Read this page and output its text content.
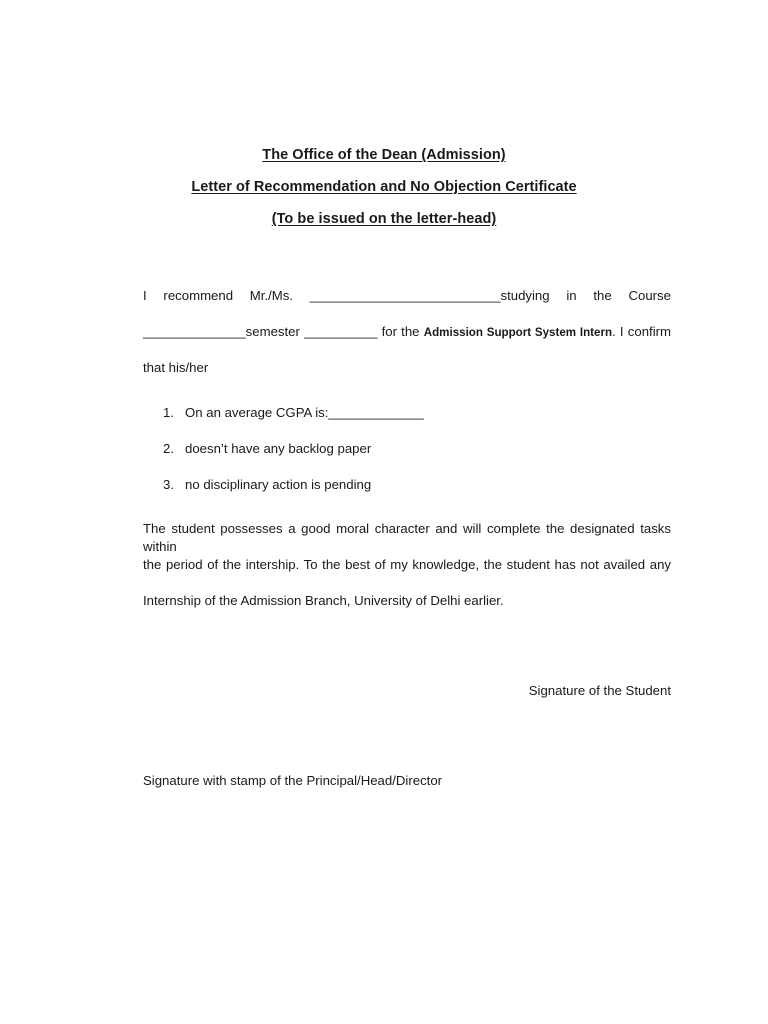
The Office of the Dean (Admission)
Letter of Recommendation and No Objection Certificate
(To be issued on the letter-head)
I recommend Mr./Ms. __________________________studying in the Course
______________semester __________ for the Admission Support System Intern. I confirm
that his/her
1. On an average CGPA is:_____________
2. doesn’t have any backlog paper
3. no disciplinary action is pending
The student possesses a good moral character and will complete the designated tasks within
the period of the intership. To the best of my knowledge, the student has not availed any
Internship of the Admission Branch, University of Delhi earlier.
Signature of the Student
Signature with stamp of the Principal/Head/Director
